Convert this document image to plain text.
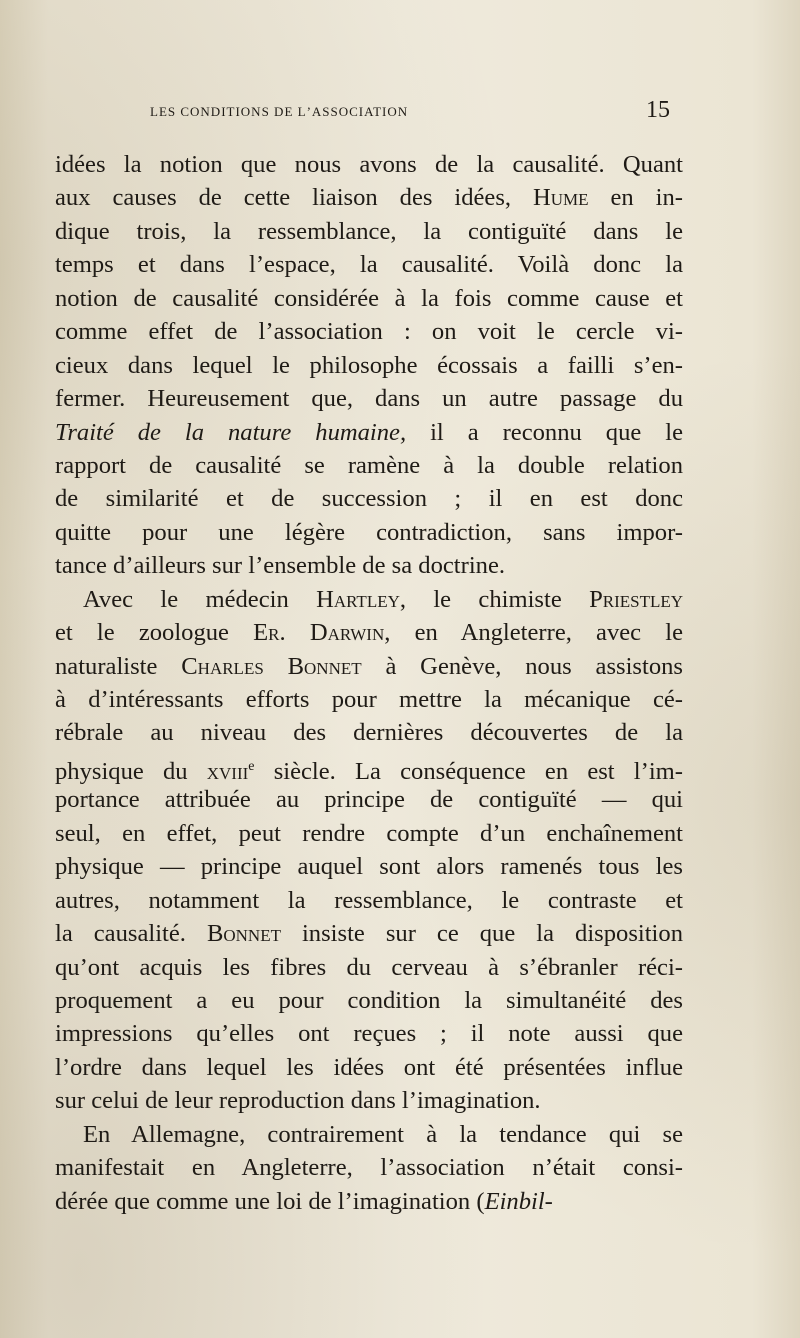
les conditions de l’association	15
idées la notion que nous avons de la causalité. Quant
aux causes de cette liaison des idées, Hume en in-
dique trois, la ressemblance, la contiguïté dans le
temps et dans l’espace, la causalité. Voilà donc la
notion de causalité considérée à la fois comme cause et
comme effet de l’association : on voit le cercle vi-
cieux dans lequel le philosophe écossais a failli s’en-
fermer. Heureusement que, dans un autre passage du
Traité de la nature humaine, il a reconnu que le
rapport de causalité se ramène à la double relation
de similarité et de succession ; il en est donc
quitte pour une légère contradiction, sans impor-
tance d’ailleurs sur l’ensemble de sa doctrine.
Avec le médecin Hartley, le chimiste Priestley
et le zoologue Er. Darwin, en Angleterre, avec le
naturaliste Charles Bonnet à Genève, nous assistons
à d’intéressants efforts pour mettre la mécanique cé-
rébrale au niveau des dernières découvertes de la
physique du xviii$^e$ siècle. La conséquence en est l’im-
portance attribuée au principe de contiguïté — qui
seul, en effet, peut rendre compte d’un enchaînement
physique — principe auquel sont alors ramenés tous les
autres, notamment la ressemblance, le contraste et
la causalité. Bonnet insiste sur ce que la disposition
qu’ont acquis les fibres du cerveau à s’ébranler réci-
proquement a eu pour condition la simultanéité des
impressions qu’elles ont reçues ; il note aussi que
l’ordre dans lequel les idées ont été présentées influe
sur celui de leur reproduction dans l’imagination.
En Allemagne, contrairement à la tendance qui se
manifestait en Angleterre, l’association n’était consi-
dérée que comme une loi de l’imagination (Einbil-
